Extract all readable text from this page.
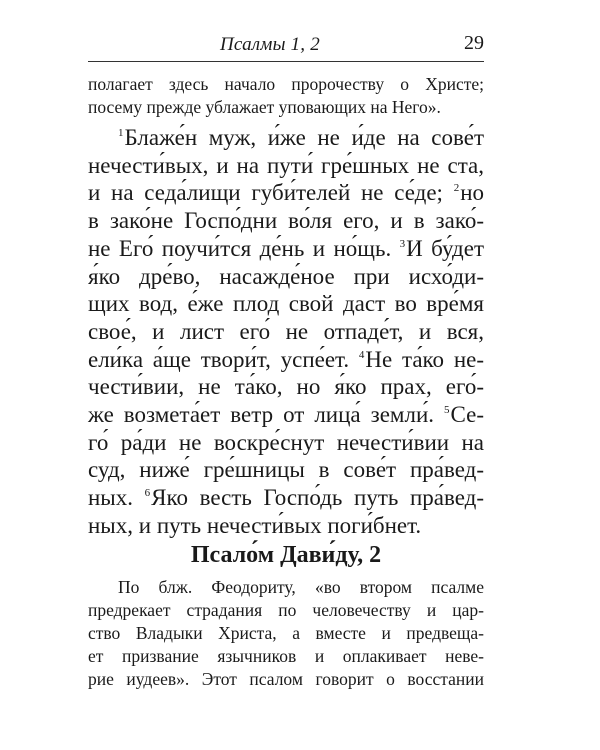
Псалмы 1, 2	29
полагает здесь начало пророчеству о Христе;
посему прежде ублажает уповающих на Него».
$^1$Блаже́н муж, и́же не и́де на сове́т
нечести́вых, и на пути́ гре́шных не ста,
и на седа́лищи губи́телей не се́де; $^2$но
в зако́не Госпо́дни во́ля его, и в зако́-
не Его́ поучи́тся де́нь и но́щь. $^3$И бу́дет
я́ко дре́во, насажде́ное при исхо́ди-
щих вод, е́же плод свой даст во вре́мя
свое́, и лист его́ не отпаде́т, и вся,
ели́ка а́ще твори́т, успе́ет. $^4$Не та́ко не-
чести́вии, не та́ко, но я́ко прах, его́-
же возмета́ет ветр от лица́ земли́. $^5$Се-
го́ ра́ди не воскре́снут нечести́вии на
суд, ниже́ гре́шницы в сове́т пра́вед-
ных. $^6$Яко весть Госпо́дь путь пра́вед-
ных, и путь нечести́вых поги́бнет.
Псало́м Дави́ду, 2
По блж. Феодориту, «во втором псалме
предрекает страдания по человечеству и цар-
ство Владыки Христа, а вместе и предвеща-
ет призвание язычников и оплакивает неве-
рие иудеев». Этот псалом говорит о восстании
